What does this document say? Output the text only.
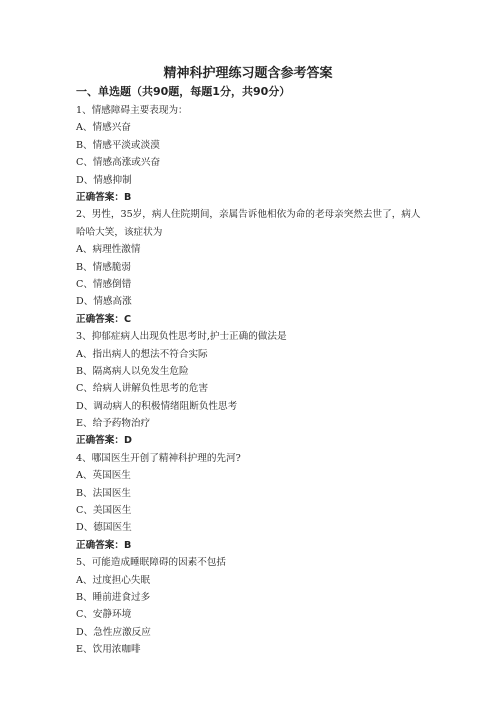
精神科护理练习题含参考答案
一、单选题（共90题，每题1分，共90分）
1、情感障碍主要表现为：
A、情感兴奋
B、情感平淡或淡漠
C、情感高涨或兴奋
D、情感抑制
正确答案：B
2、男性，35岁，病人住院期间，亲属告诉他相依为命的老母亲突然去世了，病人哈哈大笑，该症状为
A、病理性激情
B、情感脆弱
C、情感倒错
D、情感高涨
正确答案：C
3、抑郁症病人出现负性思考时,护士正确的做法是
A、指出病人的想法不符合实际
B、隔离病人以免发生危险
C、给病人讲解负性思考的危害
D、调动病人的积极情绪阻断负性思考
E、给予药物治疗
正确答案：D
4、哪国医生开创了精神科护理的先河?
A、英国医生
B、法国医生
C、美国医生
D、德国医生
正确答案：B
5、可能造成睡眠障碍的因素不包括
A、过度担心失眠
B、睡前进食过多
C、安静环境
D、急性应激反应
E、饮用浓咖啡
